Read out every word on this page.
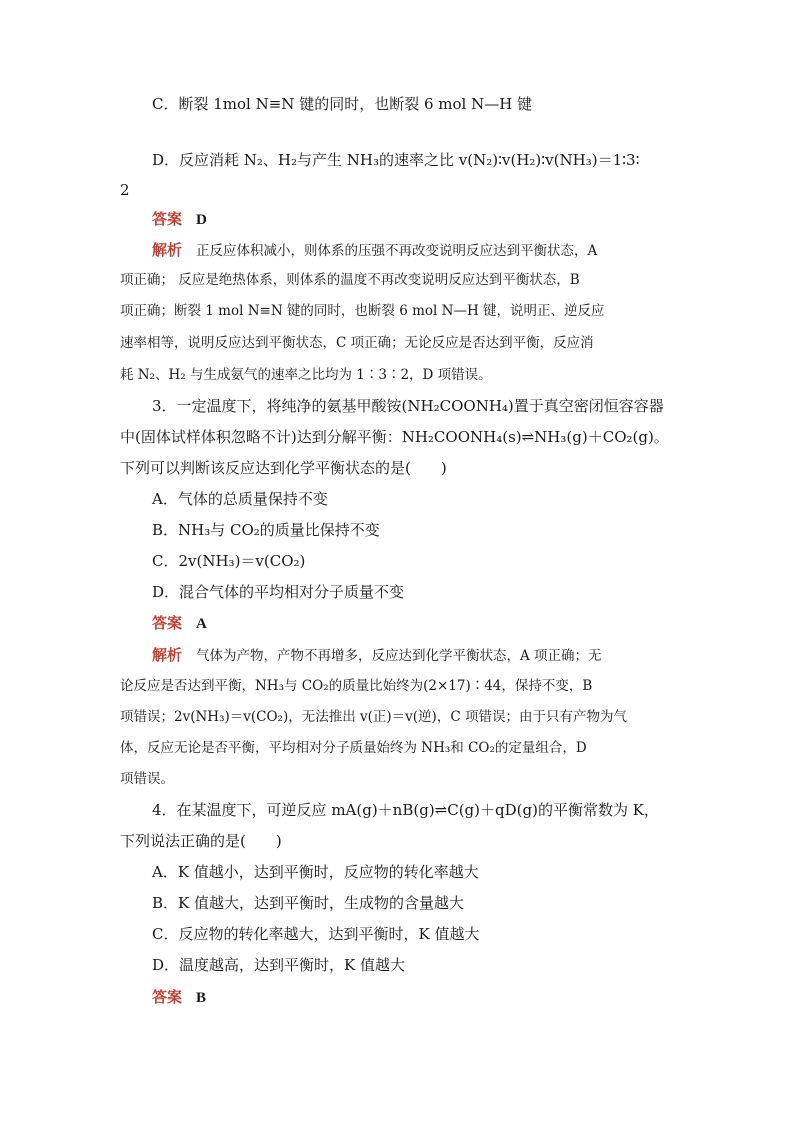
C．断裂 1mol N≡N 键的同时，也断裂 6 mol N—H 键
D．反应消耗 N₂、H₂与产生 NH₃的速率之比 v(N₂)∶v(H₂)∶v(NH₃)＝1∶3∶
2
答案 D
解析 正反应体积减小，则体系的压强不再改变说明反应达到平衡状态，A
项正确； 反应是绝热体系，则体系的温度不再改变说明反应达到平衡状态，B
项正确；断裂 1 mol N≡N 键的同时，也断裂 6 mol N—H 键，说明正、逆反应
速率相等，说明反应达到平衡状态，C 项正确；无论反应是否达到平衡，反应消
耗 N₂、H₂ 与生成氨气的速率之比均为 1∶3∶2，D 项错误。
3．一定温度下，将纯净的氨基甲酸铵(NH₂COONH₄)置于真空密闭恒容容器
中(固体试样体积忽略不计)达到分解平衡：NH₂COONH₄(s)⇌NH₃(g)＋CO₂(g)。
下列可以判断该反应达到化学平衡状态的是(　　)
A．气体的总质量保持不变
B．NH₃与 CO₂的质量比保持不变
C．2v(NH₃)＝v(CO₂)
D．混合气体的平均相对分子质量不变
答案 A
解析 气体为产物，产物不再增多，反应达到化学平衡状态，A 项正确；无
论反应是否达到平衡，NH₃与 CO₂的质量比始终为(2×17)∶44，保持不变，B
项错误；2v(NH₃)＝v(CO₂)，无法推出 v(正)＝v(逆)，C 项错误；由于只有产物为气
体，反应无论是否平衡，平均相对分子质量始终为 NH₃和 CO₂的定量组合，D
项错误。
4．在某温度下，可逆反应 mA(g)＋nB(g)⇌C(g)＋qD(g)的平衡常数为 K，
下列说法正确的是(　　)
A．K 值越小，达到平衡时，反应物的转化率越大
B．K 值越大，达到平衡时，生成物的含量越大
C．反应物的转化率越大，达到平衡时，K 值越大
D．温度越高，达到平衡时，K 值越大
答案 B
